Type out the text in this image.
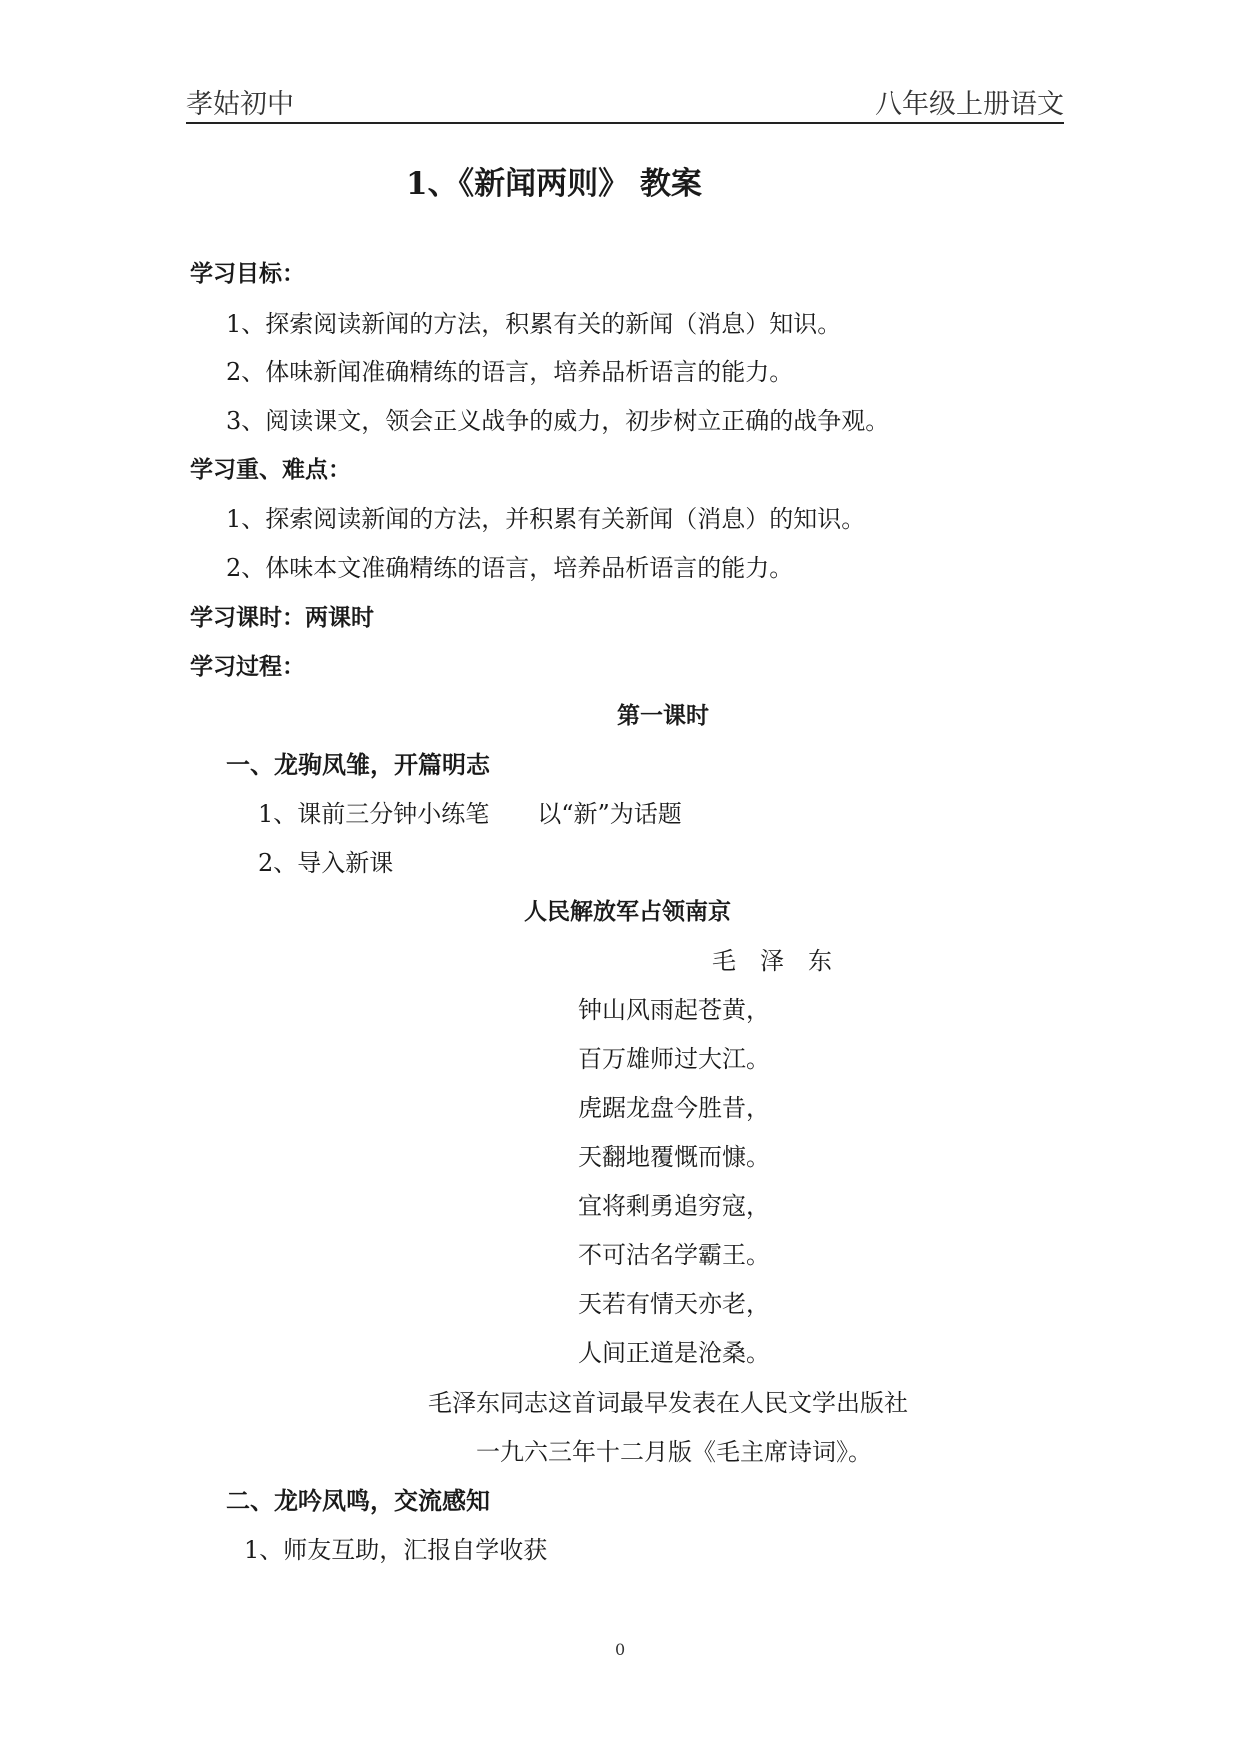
孝姑初中	八年级上册语文
1、《新闻两则》 教案
学习目标：
1、探索阅读新闻的方法，积累有关的新闻（消息）知识。
2、体味新闻准确精练的语言，培养品析语言的能力。
3、阅读课文，领会正义战争的威力，初步树立正确的战争观。
学习重、难点：
1、探索阅读新闻的方法，并积累有关新闻（消息）的知识。
2、体味本文准确精练的语言，培养品析语言的能力。
学习课时：两课时
学习过程：
第一课时
一、龙驹凤雏，开篇明志
1、课前三分钟小练笔　　以“新”为话题
2、导入新课
人民解放军占领南京
毛　泽　东
钟山风雨起苍黄，
百万雄师过大江。
虎踞龙盘今胜昔，
天翻地覆慨而慷。
宜将剩勇追穷寇，
不可沽名学霸王。
天若有情天亦老，
人间正道是沧桑。
毛泽东同志这首词最早发表在人民文学出版社
一九六三年十二月版《毛主席诗词》。
二、龙吟凤鸣，交流感知
1、师友互助，汇报自学收获
0
